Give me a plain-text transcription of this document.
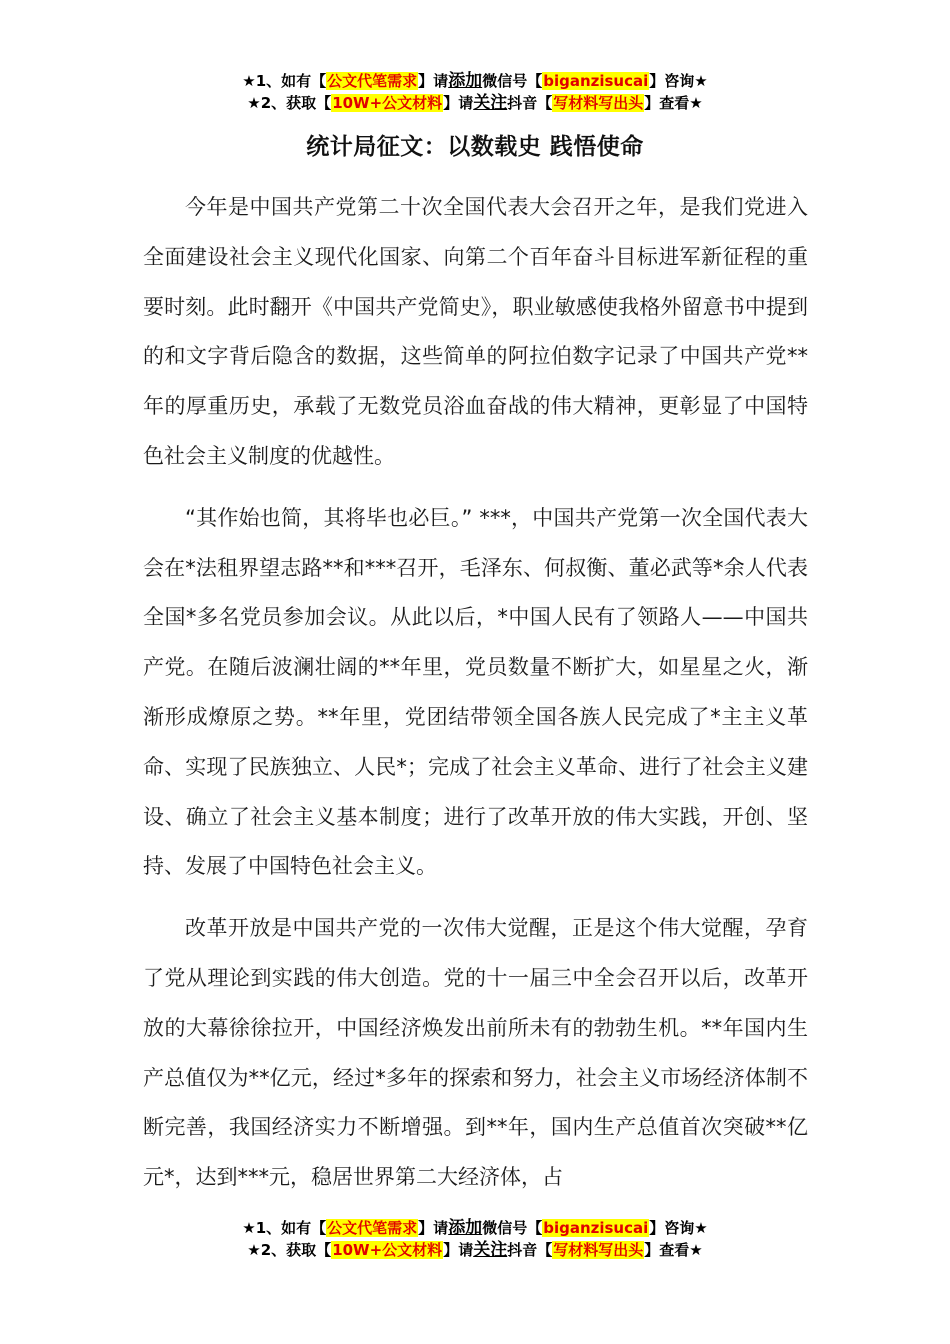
★1、如有【公文代笔需求】请添加微信号【biganzisucai】咨询★
★2、获取【10W+公文材料】请关注抖音【写材料写出头】查看★
统计局征文：以数载史 践悟使命

今年是中国共产党第二十次全国代表大会召开之年，是我们党进入全面建设社会主义现代化国家、向第二个百年奋斗目标进军新征程的重要时刻。此时翻开《中国共产党简史》，职业敏感使我格外留意书中提到的和文字背后隐含的数据，这些简单的阿拉伯数字记录了中国共产党**年的厚重历史，承载了无数党员浴血奋战的伟大精神，更彰显了中国特色社会主义制度的优越性。

“其作始也简，其将毕也必巨。” ***，中国共产党第一次全国代表大会在*法租界望志路**和***召开，毛泽东、何叔衡、董必武等*余人代表全国*多名党员参加会议。从此以后，*中国人民有了领路人——中国共产党。在随后波澜壮阔的**年里，党员数量不断扩大，如星星之火，渐渐形成燎原之势。**年里，党团结带领全国各族人民完成了*主主义革命、实现了民族独立、人民*；完成了社会主义革命、进行了社会主义建设、确立了社会主义基本制度；进行了改革开放的伟大实践，开创、坚持、发展了中国特色社会主义。

改革开放是中国共产党的一次伟大觉醒，正是这个伟大觉醒，孕育了党从理论到实践的伟大创造。党的十一届三中全会召开以后，改革开放的大幕徐徐拉开，中国经济焕发出前所未有的勃勃生机。**年国内生产总值仅为**亿元，经过*多年的探索和努力，社会主义市场经济体制不断完善，我国经济实力不断增强。到**年，国内生产总值首次突破**亿元*，达到***元，稳居世界第二大经济体，占

★1、如有【公文代笔需求】请添加微信号【biganzisucai】咨询★
★2、获取【10W+公文材料】请关注抖音【写材料写出头】查看★
